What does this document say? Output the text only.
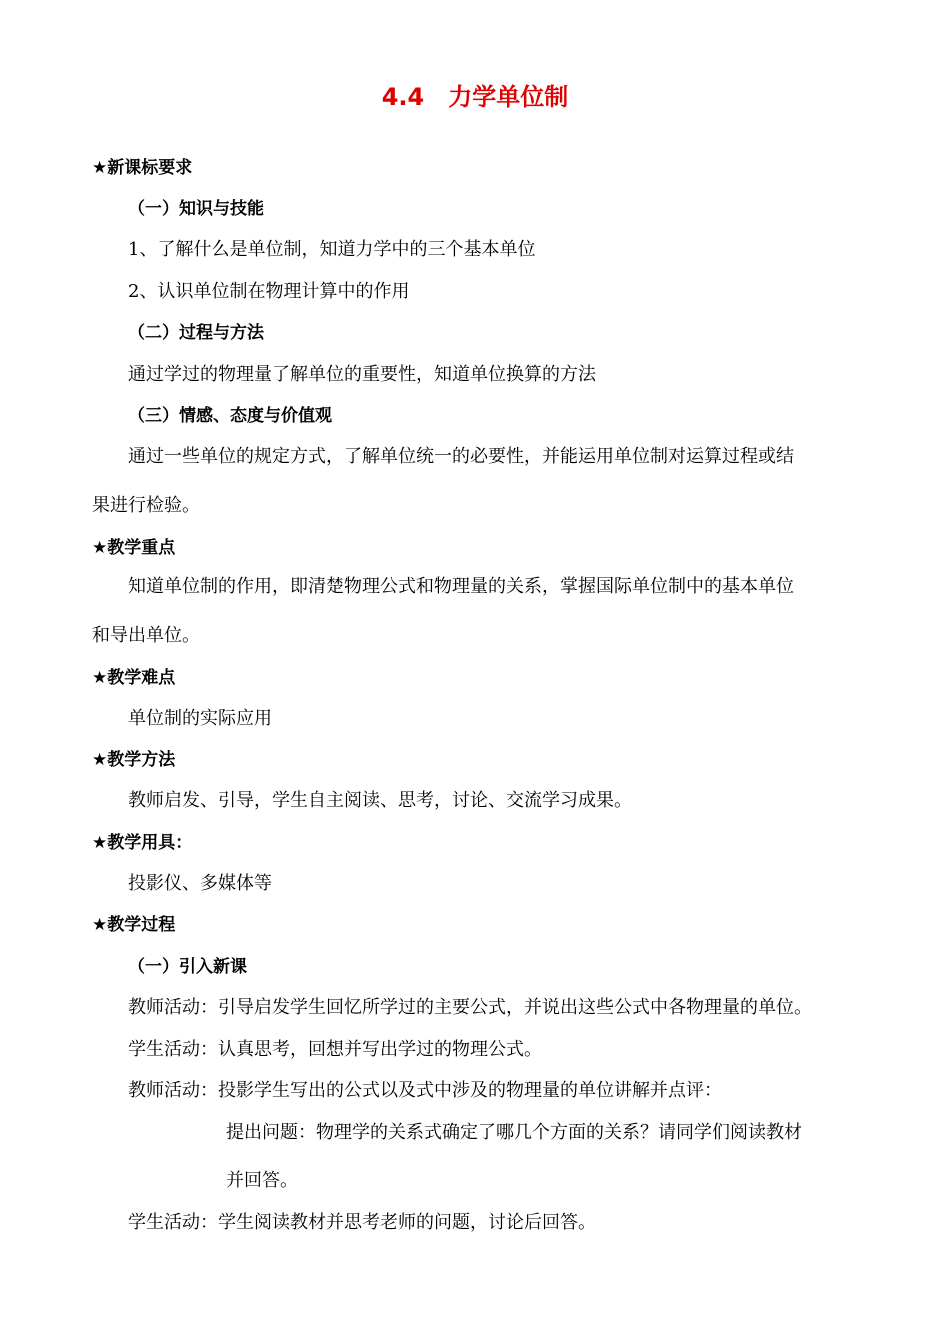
4.4　力学单位制
★新课标要求
（一）知识与技能
1、了解什么是单位制，知道力学中的三个基本单位
2、认识单位制在物理计算中的作用
（二）过程与方法
通过学过的物理量了解单位的重要性，知道单位换算的方法
（三）情感、态度与价值观
通过一些单位的规定方式，了解单位统一的必要性，并能运用单位制对运算过程或结
果进行检验。
★教学重点
知道单位制的作用，即清楚物理公式和物理量的关系，掌握国际单位制中的基本单位
和导出单位。
★教学难点
单位制的实际应用
★教学方法
教师启发、引导，学生自主阅读、思考，讨论、交流学习成果。
★教学用具：
投影仪、多媒体等
★教学过程
（一）引入新课
教师活动：引导启发学生回忆所学过的主要公式，并说出这些公式中各物理量的单位。
学生活动：认真思考，回想并写出学过的物理公式。
教师活动：投影学生写出的公式以及式中涉及的物理量的单位讲解并点评：
提出问题：物理学的关系式确定了哪几个方面的关系？请同学们阅读教材
并回答。
学生活动：学生阅读教材并思考老师的问题，讨论后回答。
